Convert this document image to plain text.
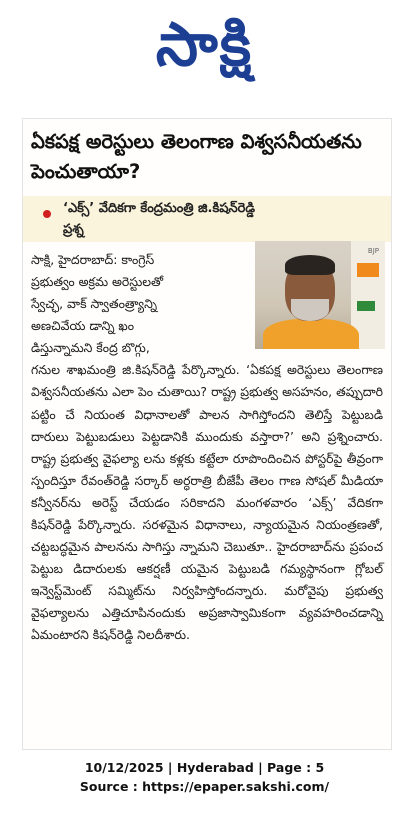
సాక్షి
ఏకపక్ష అరెస్టులు తెలంగాణ విశ్వసనీయతను పెంచుతాయా?
‘ఎక్స్’ వేదికగా కేంద్రమంత్రి జి.కిషన్‌రెడ్డి ప్రశ్న
BJP
సాక్షి, హైదరాబాద్: కాంగ్రెస్
ప్రభుత్వం అక్రమ అరెస్టులతో
స్వేచ్ఛ, వాక్ స్వాతంత్ర్యాన్ని
అణచివేయ డాన్ని ఖం
డిస్తున్నామని కేంద్ర బొగ్గు,
గనుల శాఖమంత్రి జి.కిషన్‌రెడ్డి పేర్కొన్నారు. ‘ఏకపక్ష అరెస్టులు తెలంగాణ విశ్వసనీయతను ఎలా పెం చుతాయి? రాష్ట్ర ప్రభుత్వ అసహనం, తప్పుదారి పట్టిం చే నియంత విధానాలతో పాలన సాగిస్తోందని తెలిస్తే పెట్టుబడి దారులు పెట్టుబడులు పెట్టడానికి ముందుకు వస్తారా?’ అని ప్రశ్నించారు. రాష్ట్ర ప్రభుత్వ వైఫల్యా లను కళ్లకు కట్టేలా రూపొందించిన పోస్టర్‌పై తీవ్రంగా స్పందిస్తూ రేవంత్‌రెడ్డి సర్కార్ అర్ధరాత్రి బీజేపీ తెలం గాణ సోషల్ మీడియా కన్వీనర్‌ను అరెస్ట్ చేయడం సరికాదని మంగళవారం ‘ఎక్స్’ వేదికగా కిషన్‌రెడ్డి పేర్కొన్నారు. సరళమైన విధానాలు, న్యాయమైన నియంత్రణతో, చట్టబద్ధమైన పాలనను సాగిస్తు న్నామని చెబుతూ.. హైదరాబాద్‌ను ప్రపంచ పెట్టుబ డిదారులకు ఆకర్షణీ యమైన పెట్టుబడి గమ్యస్థానంగా గ్లోబల్ ఇన్వెస్ట్‌మెంట్ సమ్మిట్‌ను నిర్వహిస్తోందన్నారు. మరోవైపు ప్రభుత్వ వైఫల్యాలను ఎత్తిచూపినందుకు అప్రజాస్వామికంగా వ్యవహరించడాన్ని ఏమంటారని కిషన్‌రెడ్డి నిలదీశారు.
10/12/2025 | Hyderabad | Page : 5
Source : https://epaper.sakshi.com/
